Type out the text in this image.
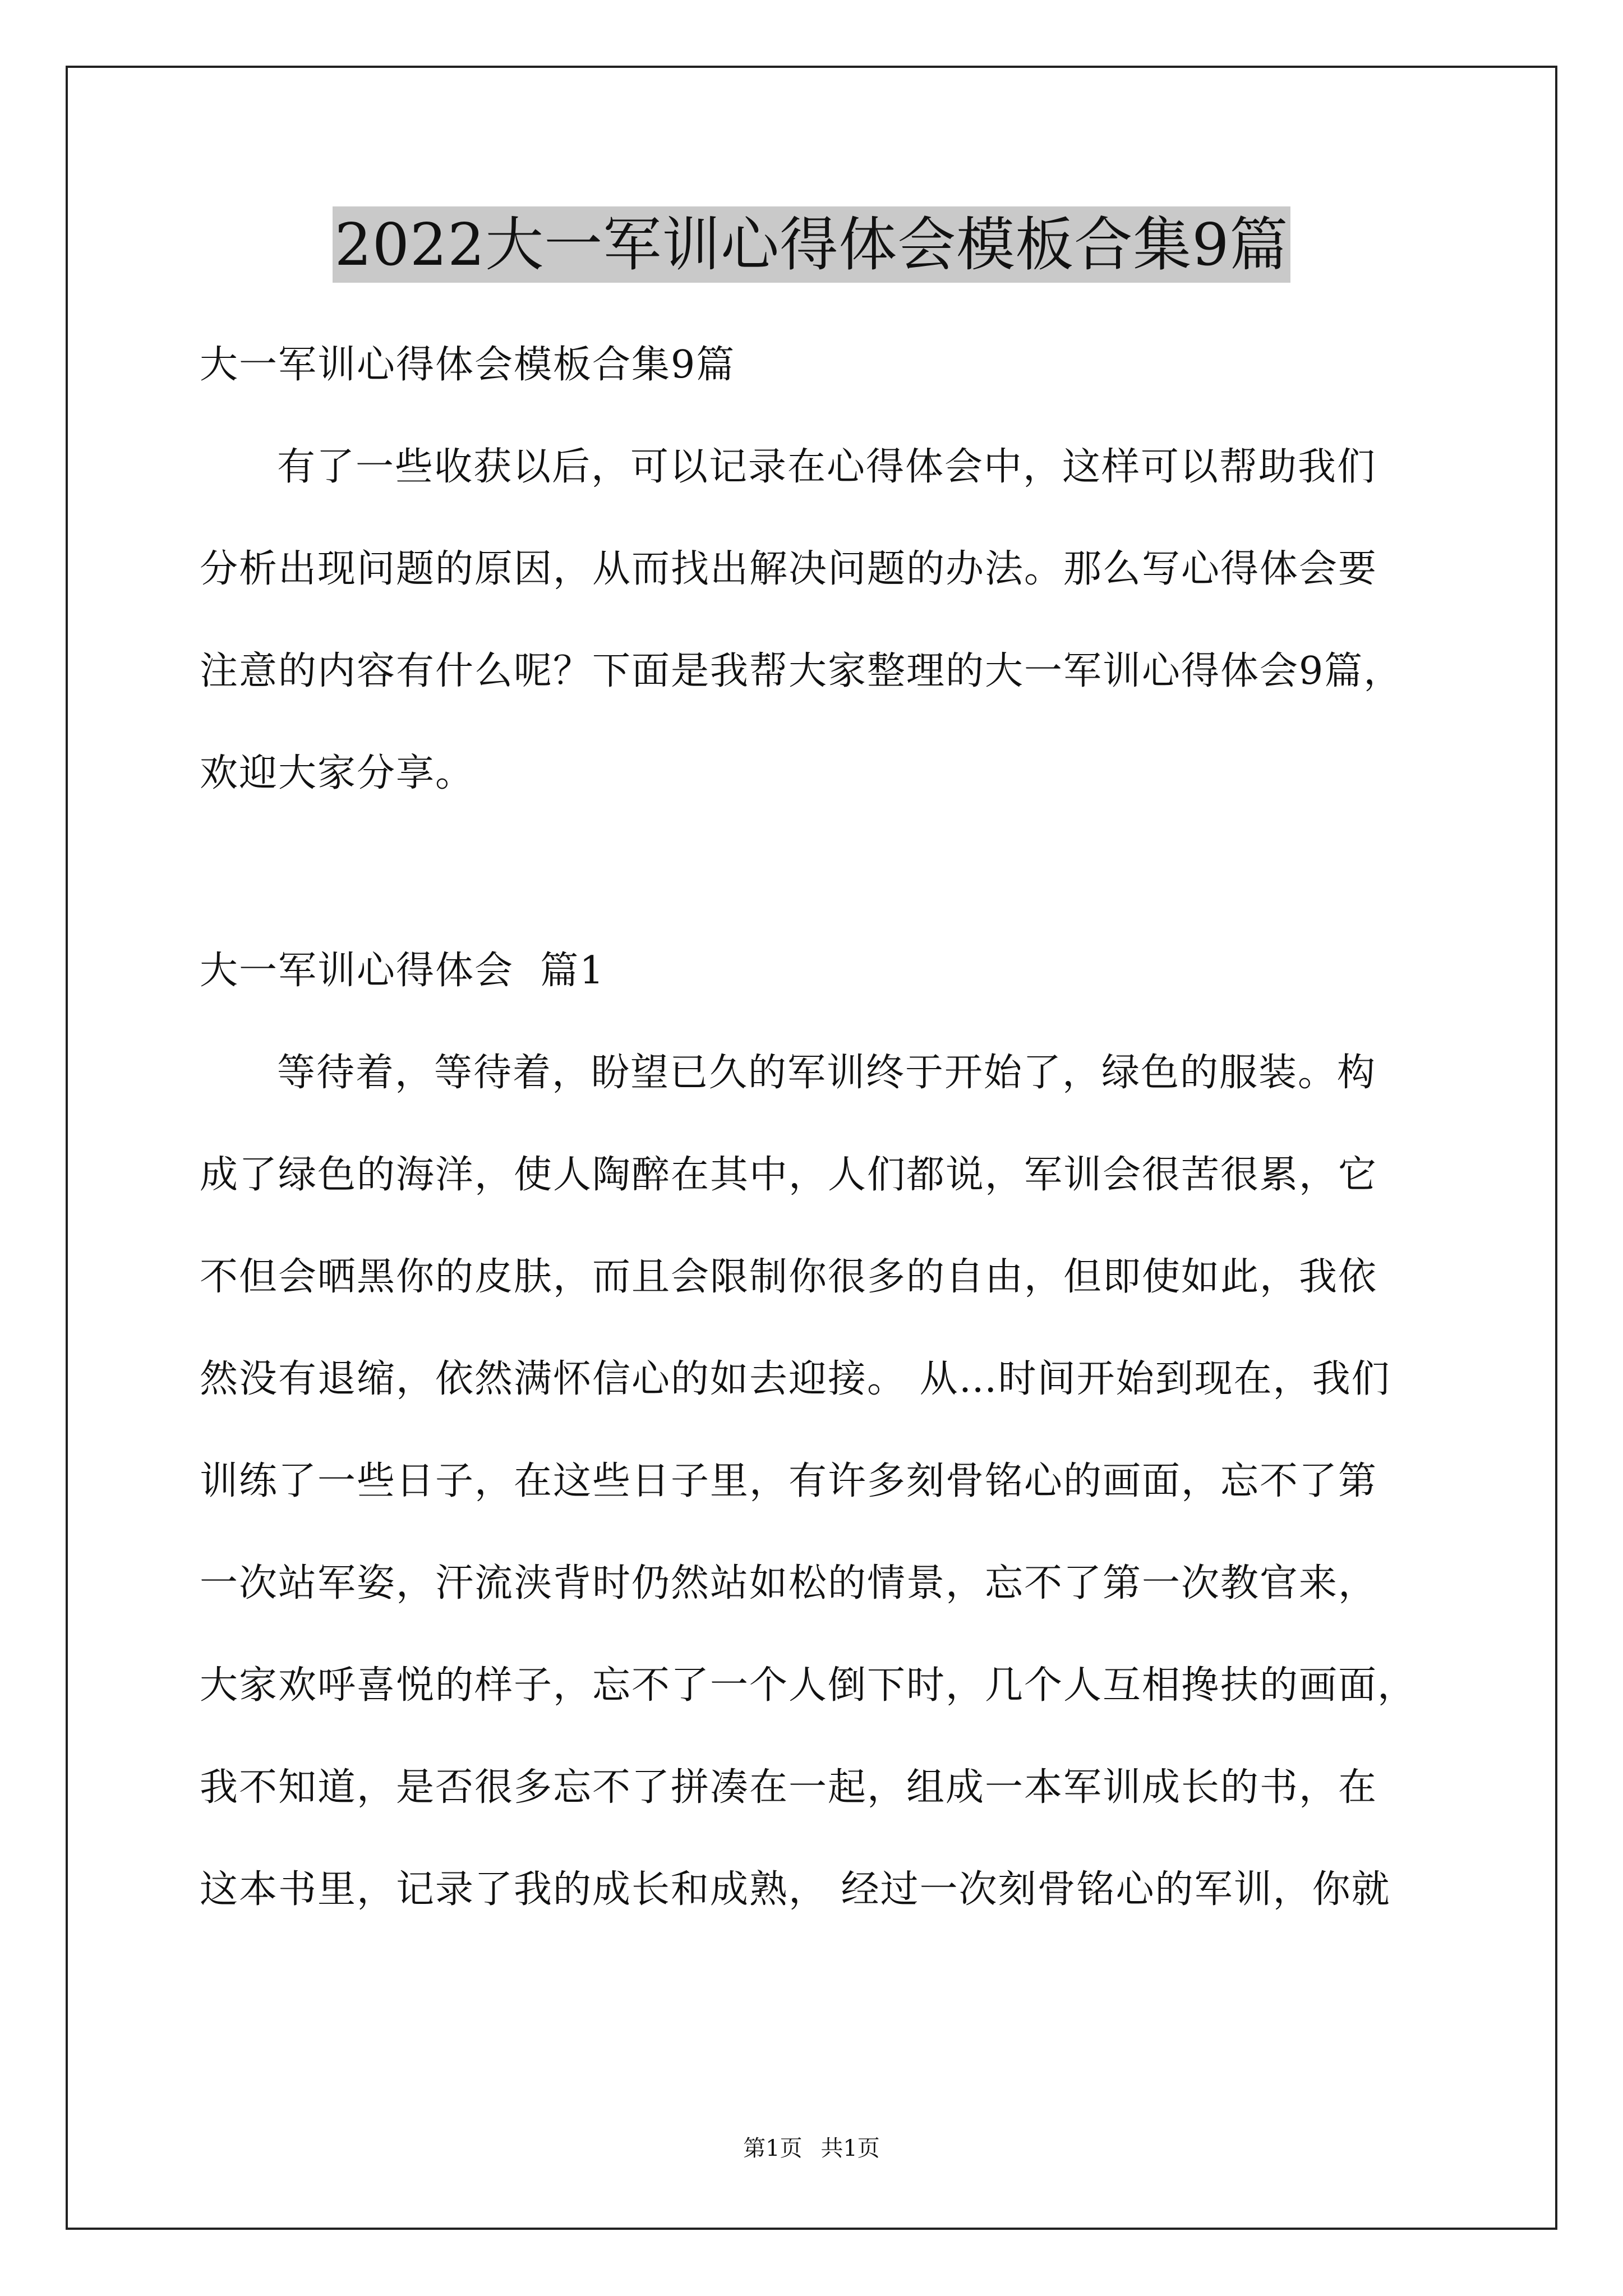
2022大一军训心得体会模板合集9篇
大一军训心得体会模板合集9篇
有了一些收获以后，可以记录在心得体会中，这样可以帮助我们
分析出现问题的原因，从而找出解决问题的办法。那么写心得体会要
注意的内容有什么呢？下面是我帮大家整理的大一军训心得体会9篇，
欢迎大家分享。
大一军训心得体会  篇1
等待着，等待着，盼望已久的军训终于开始了，绿色的服装。构
成了绿色的海洋，使人陶醉在其中，人们都说，军训会很苦很累，它
不但会晒黑你的皮肤，而且会限制你很多的自由，但即使如此，我依
然没有退缩，依然满怀信心的如去迎接。 从…时间开始到现在，我们
训练了一些日子，在这些日子里，有许多刻骨铭心的画面，忘不了第
一次站军姿，汗流浃背时仍然站如松的情景，忘不了第一次教官来，
大家欢呼喜悦的样子，忘不了一个人倒下时，几个人互相搀扶的画面，
我不知道，是否很多忘不了拼凑在一起，组成一本军训成长的书，在
这本书里，记录了我的成长和成熟， 经过一次刻骨铭心的军训，你就
第1页 共1页
